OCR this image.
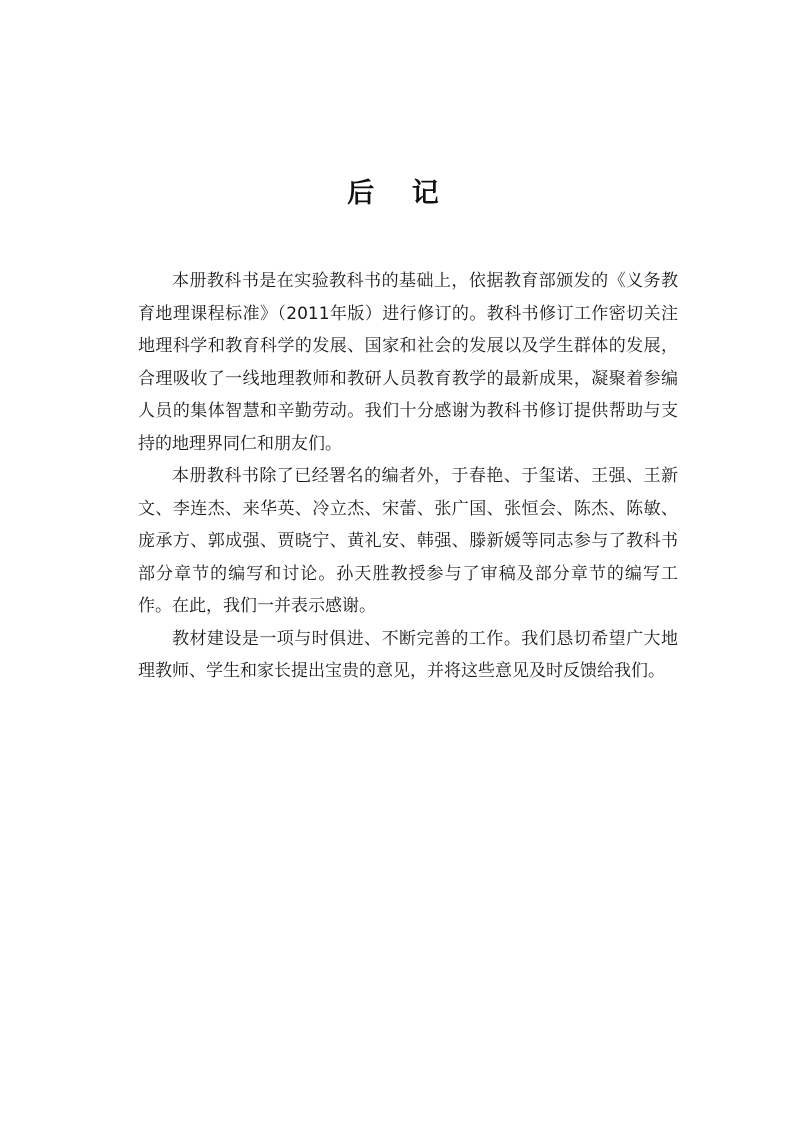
后 记

本册教科书是在实验教科书的基础上，依据教育部颁发的《义务教育地理课程标准》（2011年版）进行修订的。教科书修订工作密切关注地理科学和教育科学的发展、国家和社会的发展以及学生群体的发展，合理吸收了一线地理教师和教研人员教育教学的最新成果，凝聚着参编人员的集体智慧和辛勤劳动。我们十分感谢为教科书修订提供帮助与支持的地理界同仁和朋友们。

本册教科书除了已经署名的编者外，于春艳、于玺诺、王强、王新文、李连杰、来华英、冷立杰、宋蕾、张广国、张恒会、陈杰、陈敏、庞承方、郭成强、贾晓宁、黄礼安、韩强、滕新媛等同志参与了教科书部分章节的编写和讨论。孙天胜教授参与了审稿及部分章节的编写工作。在此，我们一并表示感谢。

教材建设是一项与时俱进、不断完善的工作。我们恳切希望广大地理教师、学生和家长提出宝贵的意见，并将这些意见及时反馈给我们。
